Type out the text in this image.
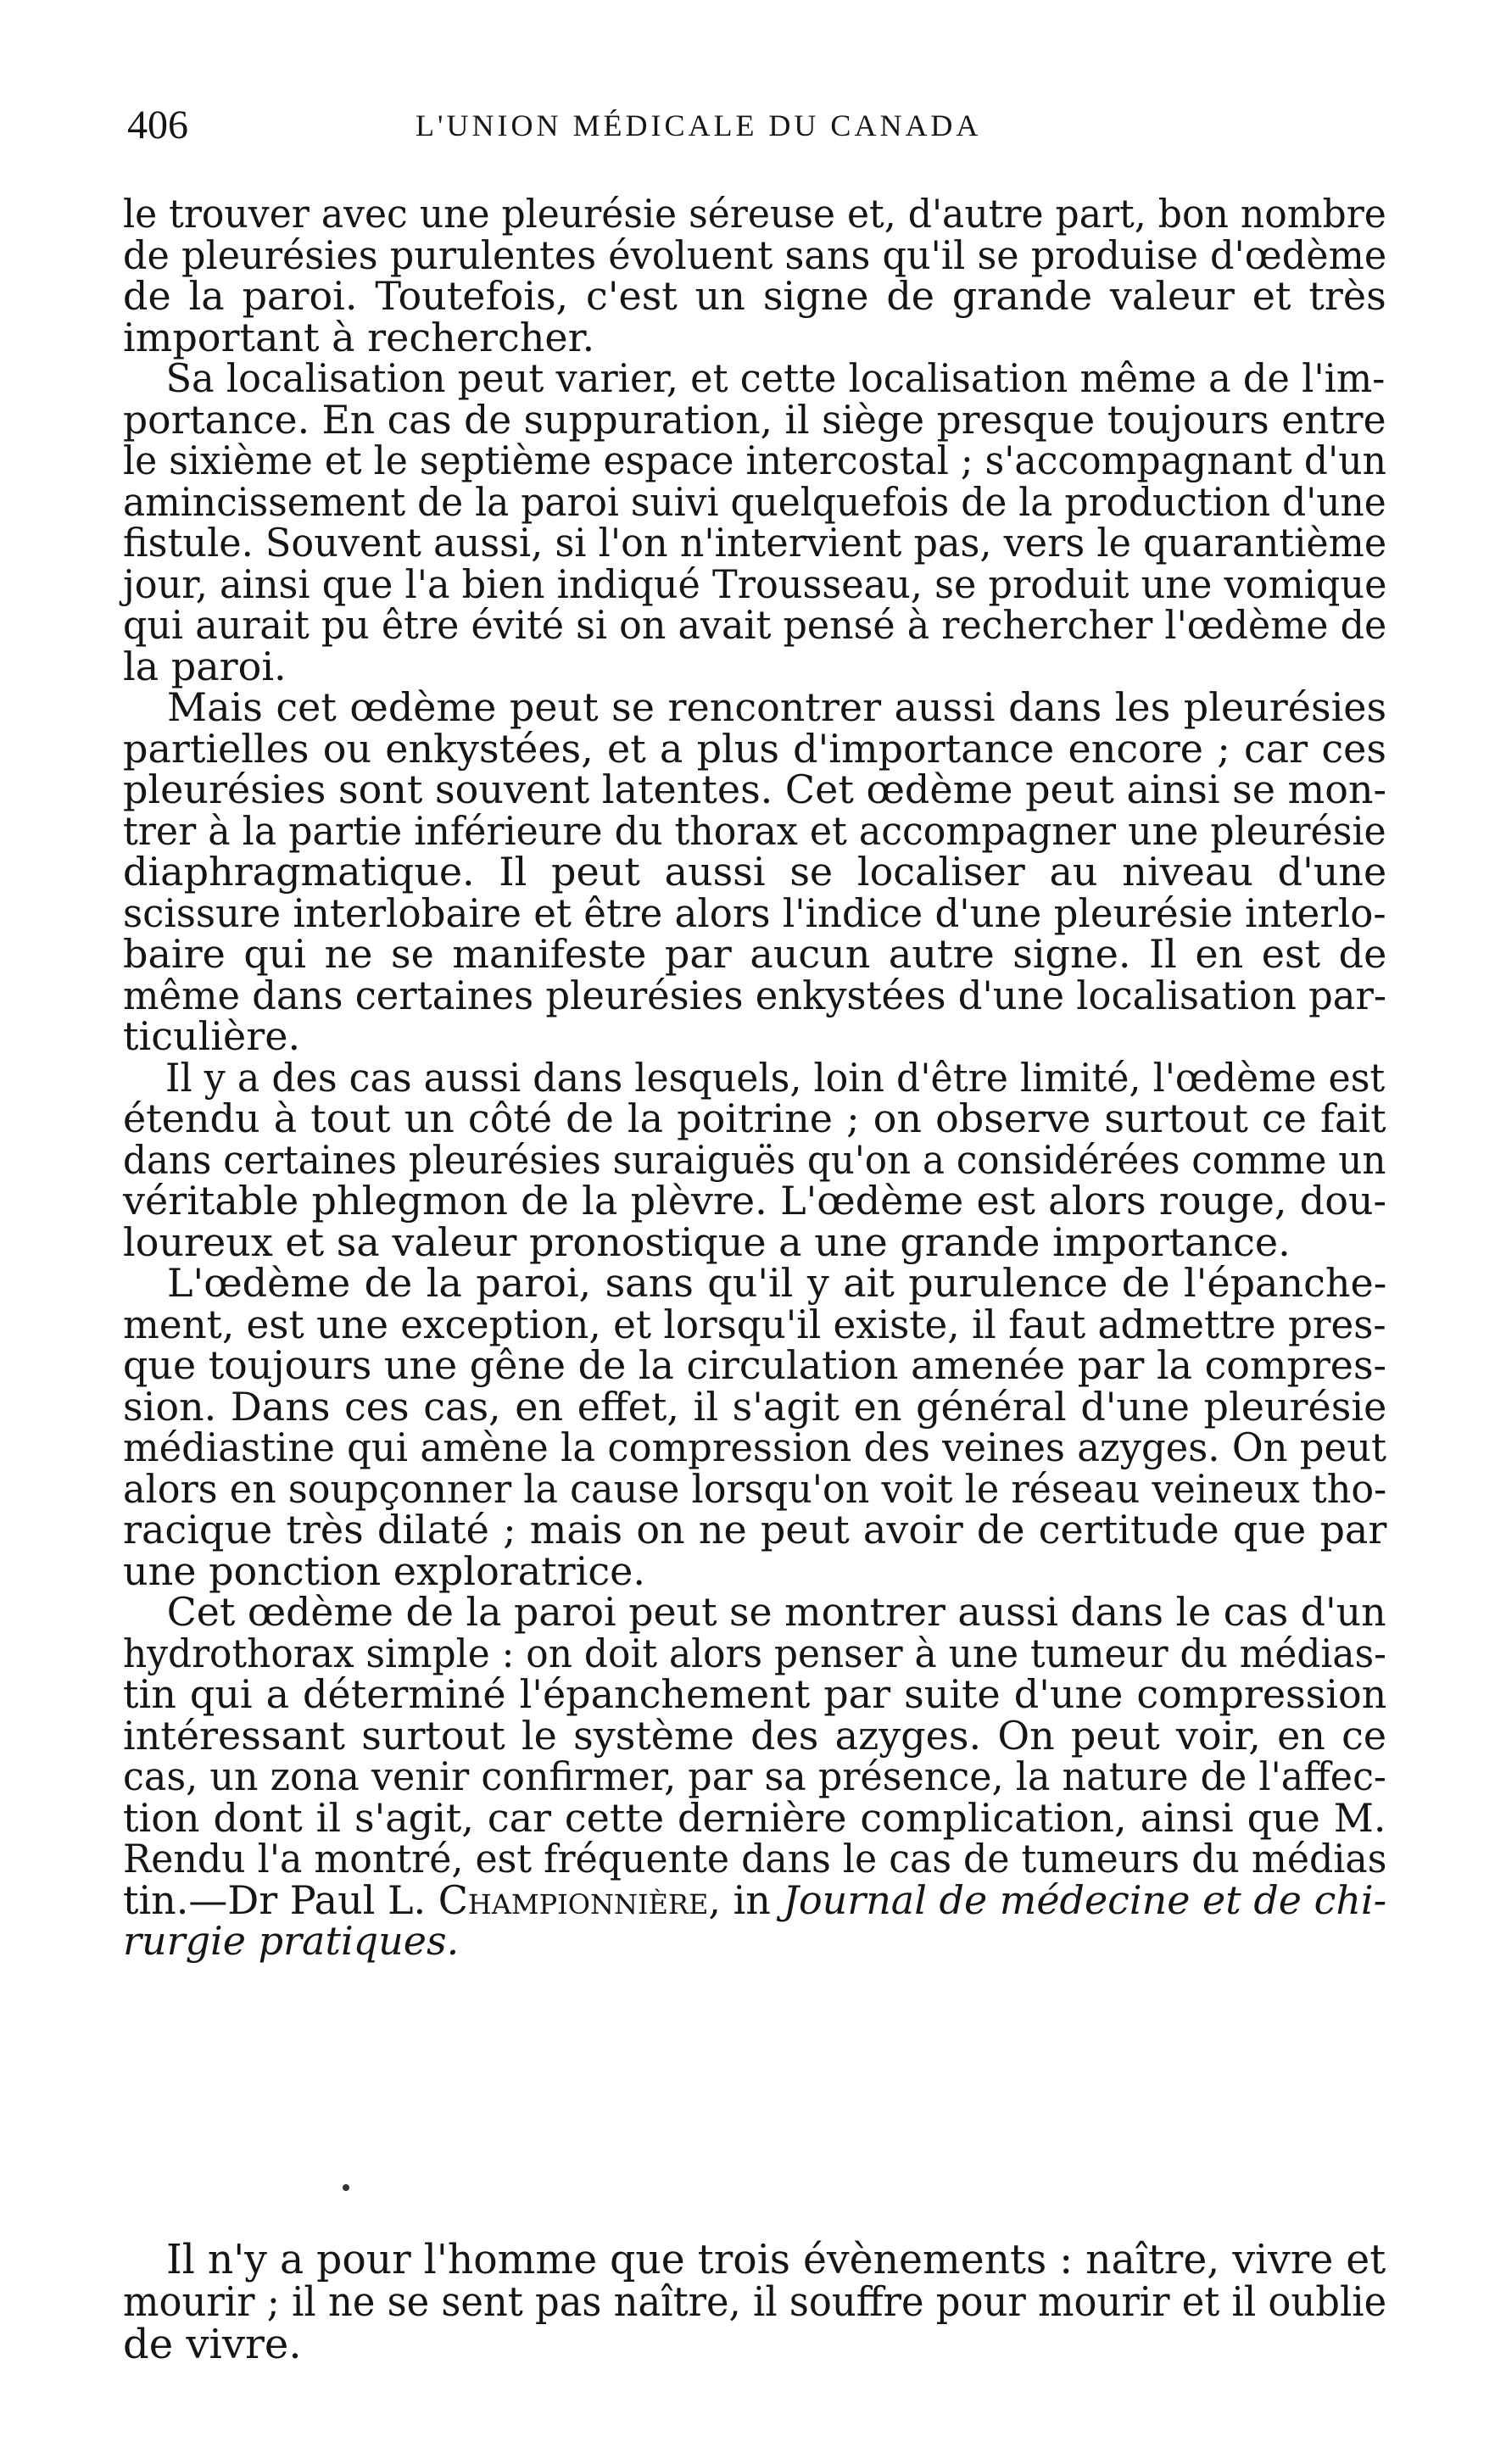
406	L'UNION MÉDICALE DU CANADA

le trouver avec une pleurésie séreuse et, d'autre part, bon nombre
de pleurésies purulentes évoluent sans qu'il se produise d'œdème
de la paroi. Toutefois, c'est un signe de grande valeur et très
important à rechercher.

Sa localisation peut varier, et cette localisation même a de l'im-
portance. En cas de suppuration, il siège presque toujours entre
le sixième et le septième espace intercostal ; s'accompagnant d'un
amincissement de la paroi suivi quelquefois de la production d'une
fistule. Souvent aussi, si l'on n'intervient pas, vers le quarantième
jour, ainsi que l'a bien indiqué Trousseau, se produit une vomique
qui aurait pu être évité si on avait pensé à rechercher l'œdème de
la paroi.

Mais cet œdème peut se rencontrer aussi dans les pleurésies
partielles ou enkystées, et a plus d'importance encore ; car ces
pleurésies sont souvent latentes. Cet œdème peut ainsi se mon-
trer à la partie inférieure du thorax et accompagner une pleurésie
diaphragmatique. Il peut aussi se localiser au niveau d'une
scissure interlobaire et être alors l'indice d'une pleurésie interlo-
baire qui ne se manifeste par aucun autre signe. Il en est de
même dans certaines pleurésies enkystées d'une localisation par-
ticulière.

Il y a des cas aussi dans lesquels, loin d'être limité, l'œdème est
étendu à tout un côté de la poitrine ; on observe surtout ce fait
dans certaines pleurésies suraiguës qu'on a considérées comme un
véritable phlegmon de la plèvre. L'œdème est alors rouge, dou-
loureux et sa valeur pronostique a une grande importance.

L'œdème de la paroi, sans qu'il y ait purulence de l'épanche-
ment, est une exception, et lorsqu'il existe, il faut admettre pres-
que toujours une gêne de la circulation amenée par la compres-
sion. Dans ces cas, en effet, il s'agit en général d'une pleurésie
médiastine qui amène la compression des veines azyges. On peut
alors en soupçonner la cause lorsqu'on voit le réseau veineux tho-
racique très dilaté ; mais on ne peut avoir de certitude que par
une ponction exploratrice.

Cet œdème de la paroi peut se montrer aussi dans le cas d'un
hydrothorax simple : on doit alors penser à une tumeur du médias-
tin qui a déterminé l'épanchement par suite d'une compression
intéressant surtout le système des azyges. On peut voir, en ce
cas, un zona venir confirmer, par sa présence, la nature de l'affec-
tion dont il s'agit, car cette dernière complication, ainsi que M.
Rendu l'a montré, est fréquente dans le cas de tumeurs du médias
tin.—Dr Paul L. Championnière, in Journal de médecine et de chi-
rurgie pratiques.

Il n'y a pour l'homme que trois évènements : naître, vivre et
mourir ; il ne se sent pas naître, il souffre pour mourir et il oublie
de vivre.
